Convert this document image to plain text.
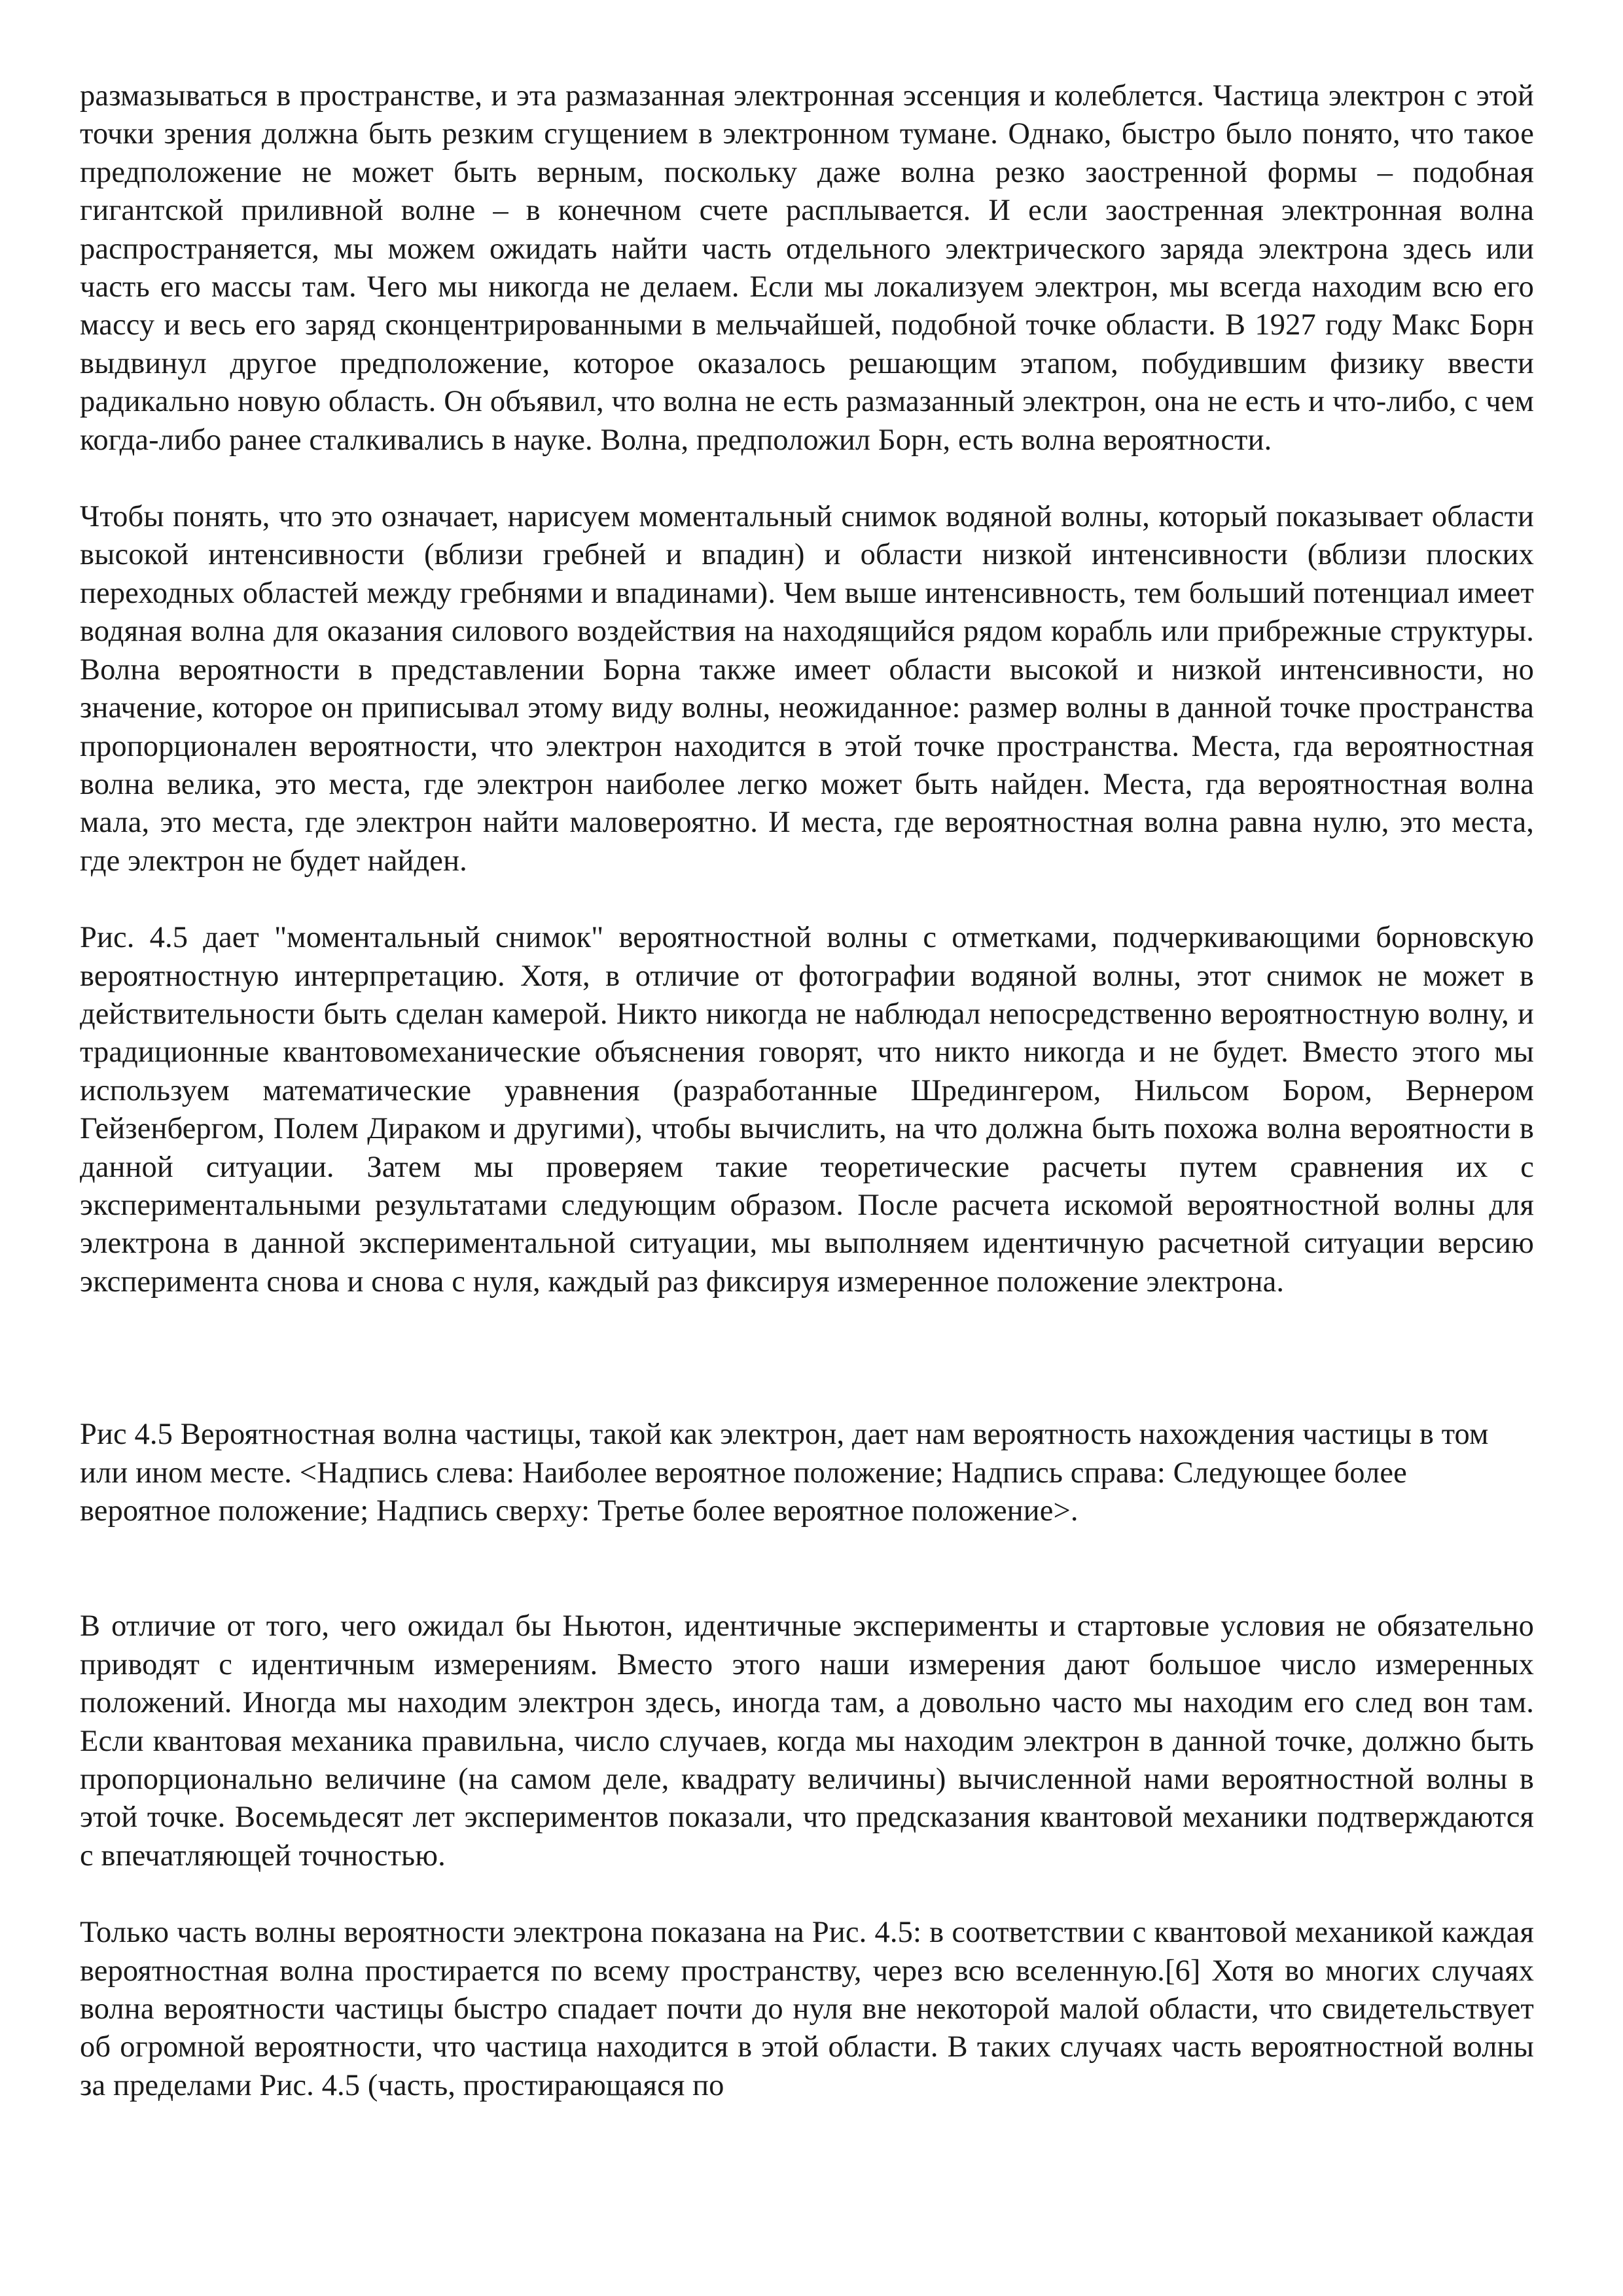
размазываться в пространстве, и эта размазанная электронная эссенция и колеблется. Частица электрон с этой точки зрения должна быть резким сгущением в электронном тумане. Однако, быстро было понято, что такое предположение не может быть верным, поскольку даже волна резко заостренной формы – подобная гигантской приливной волне – в конечном счете расплывается. И если заостренная электронная волна распространяется, мы можем ожидать найти часть отдельного электрического заряда электрона здесь или часть его массы там. Чего мы никогда не делаем. Если мы локализуем электрон, мы всегда находим всю его массу и весь его заряд сконцентрированными в мельчайшей, подобной точке области. В 1927 году Макс Борн выдвинул другое предположение, которое оказалось решающим этапом, побудившим физику ввести радикально новую область. Он объявил, что волна не есть размазанный электрон, она не есть и что-либо, с чем когда-либо ранее сталкивались в науке. Волна, предположил Борн, есть волна вероятности.

Чтобы понять, что это означает, нарисуем моментальный снимок водяной волны, который показывает области высокой интенсивности (вблизи гребней и впадин) и области низкой интенсивности (вблизи плоских переходных областей между гребнями и впадинами). Чем выше интенсивность, тем больший потенциал имеет водяная волна для оказания силового воздействия на находящийся рядом корабль или прибрежные структуры. Волна вероятности в представлении Борна также имеет области высокой и низкой интенсивности, но значение, которое он приписывал этому виду волны, неожиданное: размер волны в данной точке пространства пропорционален вероятности, что электрон находится в этой точке пространства. Места, гда вероятностная волна велика, это места, где электрон наиболее легко может быть найден. Места, гда вероятностная волна мала, это места, где электрон найти маловероятно. И места, где вероятностная волна равна нулю, это места, где электрон не будет найден.

Рис. 4.5 дает "моментальный снимок" вероятностной волны с отметками, подчеркивающими борновскую вероятностную интерпретацию. Хотя, в отличие от фотографии водяной волны, этот снимок не может в действительности быть сделан камерой. Никто никогда не наблюдал непосредственно вероятностную волну, и традиционные квантовомеханические объяснения говорят, что никто никогда и не будет. Вместо этого мы используем математические уравнения (разработанные Шредингером, Нильсом Бором, Вернером Гейзенбергом, Полем Дираком и другими), чтобы вычислить, на что должна быть похожа волна вероятности в данной ситуации. Затем мы проверяем такие теоретические расчеты путем сравнения их с экспериментальными результатами следующим образом. После расчета искомой вероятностной волны для электрона в данной экспериментальной ситуации, мы выполняем идентичную расчетной ситуации версию эксперимента снова и снова с нуля, каждый раз фиксируя измеренное положение электрона.

Рис 4.5 Вероятностная волна частицы, такой как электрон, дает нам вероятность нахождения частицы в том или ином месте. <Надпись слева: Наиболее вероятное положение; Надпись справа: Следующее более вероятное положение; Надпись сверху: Третье более вероятное положение>.

В отличие от того, чего ожидал бы Ньютон, идентичные эксперименты и стартовые условия не обязательно приводят с идентичным измерениям. Вместо этого наши измерения дают большое число измеренных положений. Иногда мы находим электрон здесь, иногда там, а довольно часто мы находим его след вон там. Если квантовая механика правильна, число случаев, когда мы находим электрон в данной точке, должно быть пропорционально величине (на самом деле, квадрату величины) вычисленной нами вероятностной волны в этой точке. Восемьдесят лет экспериментов показали, что предсказания квантовой механики подтверждаются с впечатляющей точностью.

Только часть волны вероятности электрона показана на Рис. 4.5: в соответствии с квантовой механикой каждая вероятностная волна простирается по всему пространству, через всю вселенную.[6] Хотя во многих случаях волна вероятности частицы быстро спадает почти до нуля вне некоторой малой области, что свидетельствует об огромной вероятности, что частица находится в этой области. В таких случаях часть вероятностной волны за пределами Рис. 4.5 (часть, простирающаяся по
